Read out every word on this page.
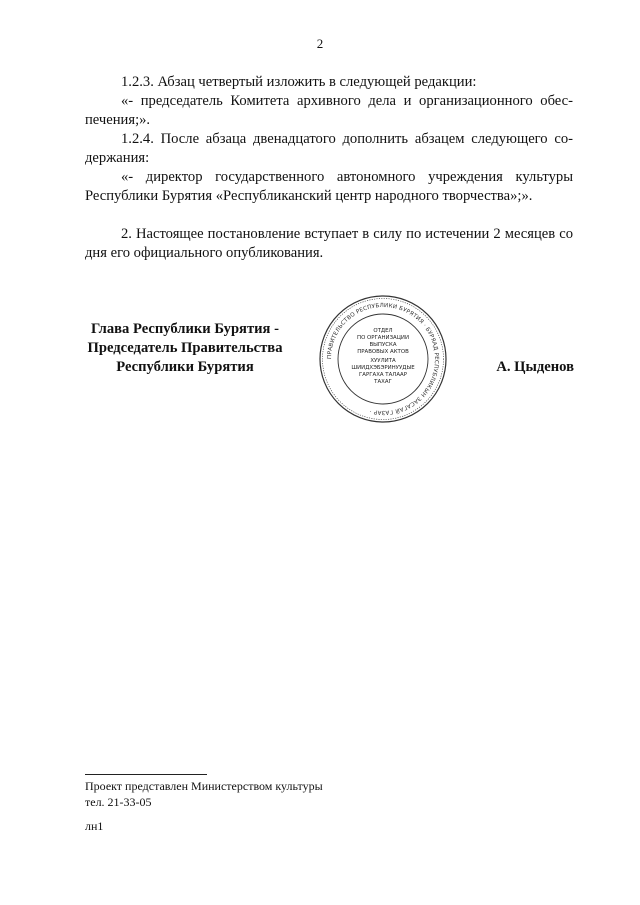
2

1.2.3. Абзац четвертый изложить в следующей редакции:

«- председатель Комитета архивного дела и организационного обес-печения;».

1.2.4. После абзаца двенадцатого дополнить абзацем следующего со-держания:

«- директор государственного автономного учреждения культуры Республики Бурятия «Республиканский центр народного творчества»;».

2. Настоящее постановление вступает в силу по истечении 2 месяцев со дня его официального опубликования.

Глава Республики Бурятия -
Председатель Правительства
Республики Бурятия	А. Цыденов
ПРАВИТЕЛЬСТВО РЕСПУБЛИКИ БУРЯТИЯ · БУРЯАД РЕСПУБЛИКЫН ЗАСАГАЙ ГАЗАР ·
ОТДЕЛ
ПО ОРГАНИЗАЦИИ
ВЫПУСКА
ПРАВОВЫХ АКТОВ
ХУУЛИТА
ШИИДХЭБЭРИНУУДЫЕ
ГАРГАХА ТАЛААР
ТАХАГ
Проект представлен Министерством культуры
тел. 21-33-05
лн1
